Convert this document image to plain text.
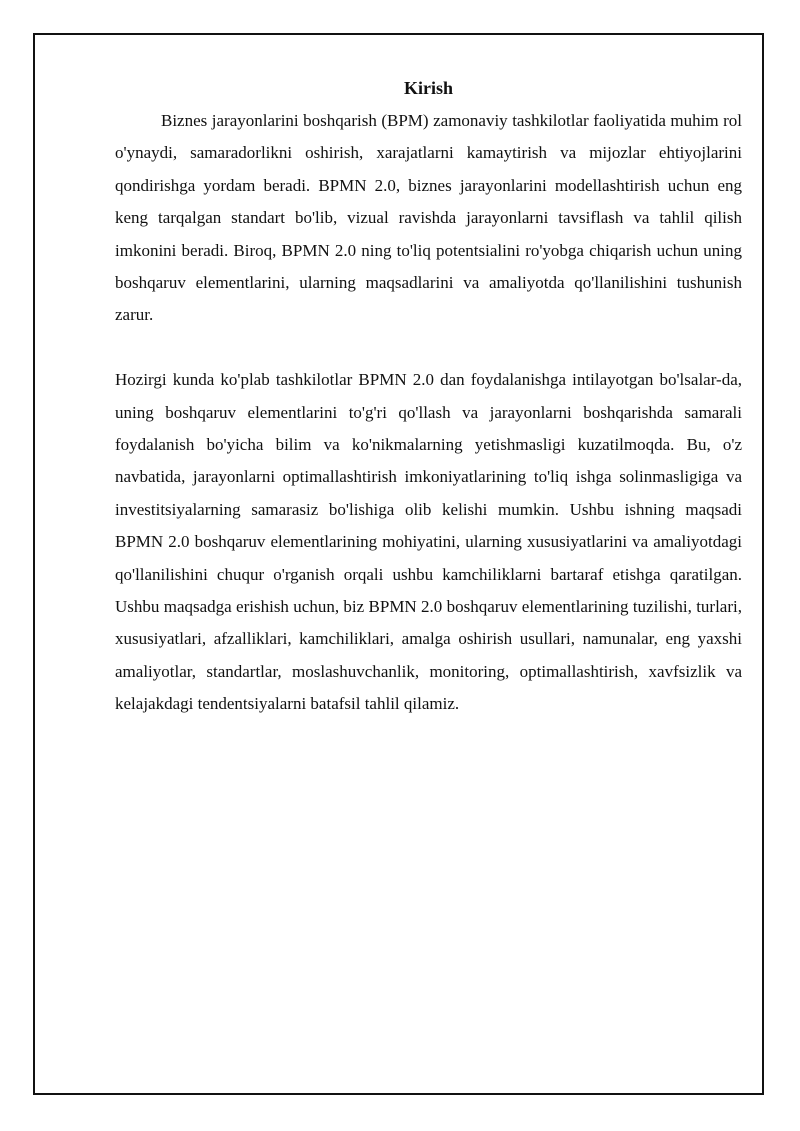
Kirish

Biznes jarayonlarini boshqarish (BPM) zamonaviy tashkilotlar faoliyatida muhim rol o'ynaydi, samaradorlikni oshirish, xarajatlarni kamaytirish va mijozlar ehtiyojlarini qondirishga yordam beradi. BPMN 2.0, biznes jarayonlarini modellashtirish uchun eng keng tarqalgan standart bo'lib, vizual ravishda jarayonlarni tavsiflash va tahlil qilish imkonini beradi. Biroq, BPMN 2.0 ning to'liq potentsialini ro'yobga chiqarish uchun uning boshqaruv elementlarini, ularning maqsadlarini va amaliyotda qo'llanilishini tushunish zarur.

Hozirgi kunda ko'plab tashkilotlar BPMN 2.0 dan foydalanishga intilayotgan bo'lsalar-da, uning boshqaruv elementlarini to'g'ri qo'llash va jarayonlarni boshqarishda samarali foydalanish bo'yicha bilim va ko'nikmalarning yetishmasligi kuzatilmoqda. Bu, o'z navbatida, jarayonlarni optimallashtirish imkoniyatlarining to'liq ishga solinmasligiga va investitsiyalarning samarasiz bo'lishiga olib kelishi mumkin. Ushbu ishning maqsadi BPMN 2.0 boshqaruv elementlarining mohiyatini, ularning xususiyatlarini va amaliyotdagi qo'llanilishini chuqur o'rganish orqali ushbu kamchiliklarni bartaraf etishga qaratilgan. Ushbu maqsadga erishish uchun, biz BPMN 2.0 boshqaruv elementlarining tuzilishi, turlari, xususiyatlari, afzalliklari, kamchiliklari, amalga oshirish usullari, namunalar, eng yaxshi amaliyotlar, standartlar, moslashuvchanlik, monitoring, optimallashtirish, xavfsizlik va kelajakdagi tendentsiyalarni batafsil tahlil qilamiz.
